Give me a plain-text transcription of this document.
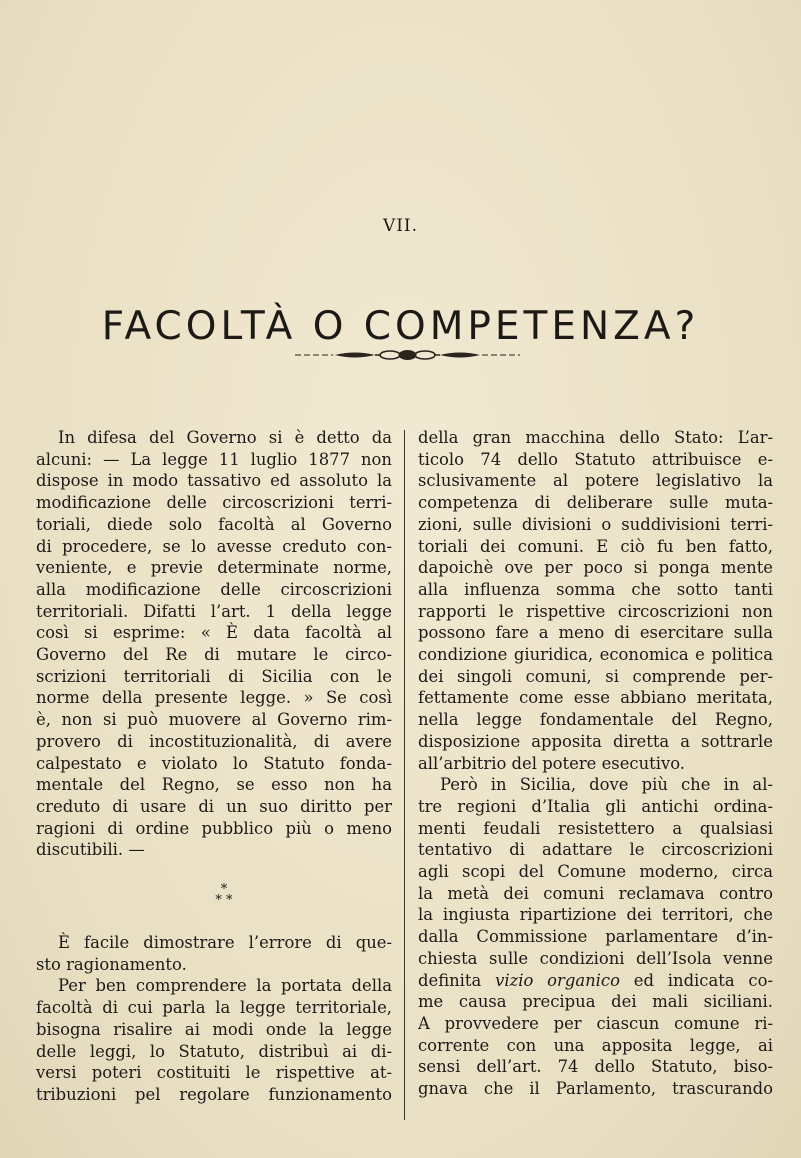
VII.
FACOLTÀ O COMPETENZA?
In difesa del Governo si è detto da
alcuni: — La legge 11 luglio 1877 non
dispose in modo tassativo ed assoluto la
modificazione delle circoscrizioni terri-
toriali, diede solo facoltà al Governo
di procedere, se lo avesse creduto con-
veniente, e previe determinate norme,
alla modificazione delle circoscrizioni
territoriali. Difatti l’art. 1 della legge
così si esprime: « È data facoltà al
Governo del Re di mutare le circo-
scrizioni territoriali di Sicilia con le
norme della presente legge. » Se così
è, non si può muovere al Governo rim-
provero di incostituzionalità, di avere
calpestato e violato lo Statuto fonda-
mentale del Regno, se esso non ha
creduto di usare di un suo diritto per
ragioni di ordine pubblico più o meno
discutibili. —
È facile dimostrare l’errore di que-
sto ragionamento.
Per ben comprendere la portata della
facoltà di cui parla la legge territoriale,
bisogna risalire ai modi onde la legge
delle leggi, lo Statuto, distribuì ai di-
versi poteri costituiti le rispettive at-
tribuzioni pel regolare funzionamento
*
* *
della gran macchina dello Stato: L’ar-
ticolo 74 dello Statuto attribuisce e-
sclusivamente al potere legislativo la
competenza di deliberare sulle muta-
zioni, sulle divisioni o suddivisioni terri-
toriali dei comuni. E ciò fu ben fatto,
dapoichè ove per poco si ponga mente
alla influenza somma che sotto tanti
rapporti le rispettive circoscrizioni non
possono fare a meno di esercitare sulla
condizione giuridica, economica e politica
dei singoli comuni, si comprende per-
fettamente come esse abbiano meritata,
nella legge fondamentale del Regno,
disposizione apposita diretta a sottrarle
all’arbitrio del potere esecutivo.
Però in Sicilia, dove più che in al-
tre regioni d’Italia gli antichi ordina-
menti feudali resistettero a qualsiasi
tentativo di adattare le circoscrizioni
agli scopi del Comune moderno, circa
la metà dei comuni reclamava contro
la ingiusta ripartizione dei territori, che
dalla Commissione parlamentare d’in-
chiesta sulle condizioni dell’Isola venne
definita vizio organico ed indicata co-
me causa precipua dei mali siciliani.
A provvedere per ciascun comune ri-
corrente con una apposita legge, ai
sensi dell’art. 74 dello Statuto, biso-
gnava che il Parlamento, trascurando
